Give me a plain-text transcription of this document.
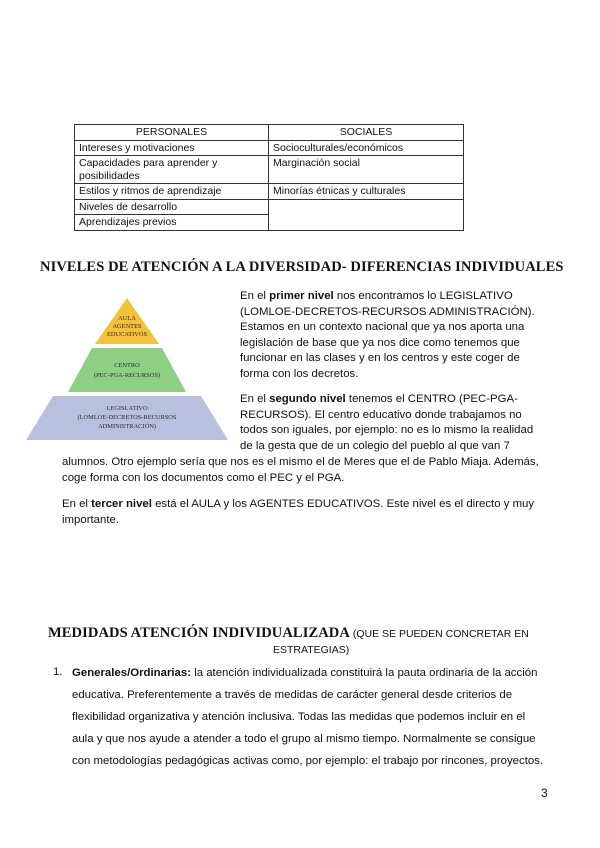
PERSONALES	SOCIALES
Intereses y motivaciones	Socioculturales/económicos
Capacidades para aprender y posibilidades	Marginación social
Estilos y ritmos de aprendizaje	Minorías étnicas y culturales
Niveles de desarrollo	
Aprendizajes previos	
NIVELES DE ATENCIÓN A LA DIVERSIDAD- DIFERENCIAS INDIVIDUALES
AULA
AGENTES
EDUCATIVOS
CENTRO
(PEC-PGA-RECURSOS)
LEGISLATIVO
(LOMLOE-DECRETOS-RECURSOS
ADMINISTRACIÓN)

En el primer nivel nos encontramos lo LEGISLATIVO

(LOMLOE-DECRETOS-RECURSOS ADMINISTRACIÓN).

Estamos en un contexto nacional que ya nos aporta una

legislación de base que ya nos dice como tenemos que

funcionar en las clases y en los centros y este coger de

forma con los decretos.

En el segundo nivel tenemos el CENTRO (PEC-PGA-

RECURSOS). El centro educativo donde trabajamos no

todos son iguales, por ejemplo: no es lo mismo la realidad

de la gesta que de un colegio del pueblo al que van 7

alumnos. Otro ejemplo sería que nos es el mismo el de Meres que el de Pablo Miaja. Además,

coge forma con los documentos como el PEC y el PGA.

En el tercer nivel está el AULA y los AGENTES EDUCATIVOS. Este nivel es el directo y muy

importante.

MEDIDADS ATENCIÓN INDIVIDUALIZADA (QUE SE PUEDEN CONCRETAR EN
ESTRATEGIAS)
1. Generales/Ordinarias: la atención individualizada constituirá la pauta ordinaria de la acción
educativa. Preferentemente a través de medidas de carácter general desde criterios de
flexibilidad organizativa y atención inclusiva. Todas las medidas que podemos incluir en el
aula y que nos ayude a atender a todo el grupo al mismo tiempo. Normalmente se consigue
con metodologías pedagógicas activas como, por ejemplo: el trabajo por rincones, proyectos.
3
